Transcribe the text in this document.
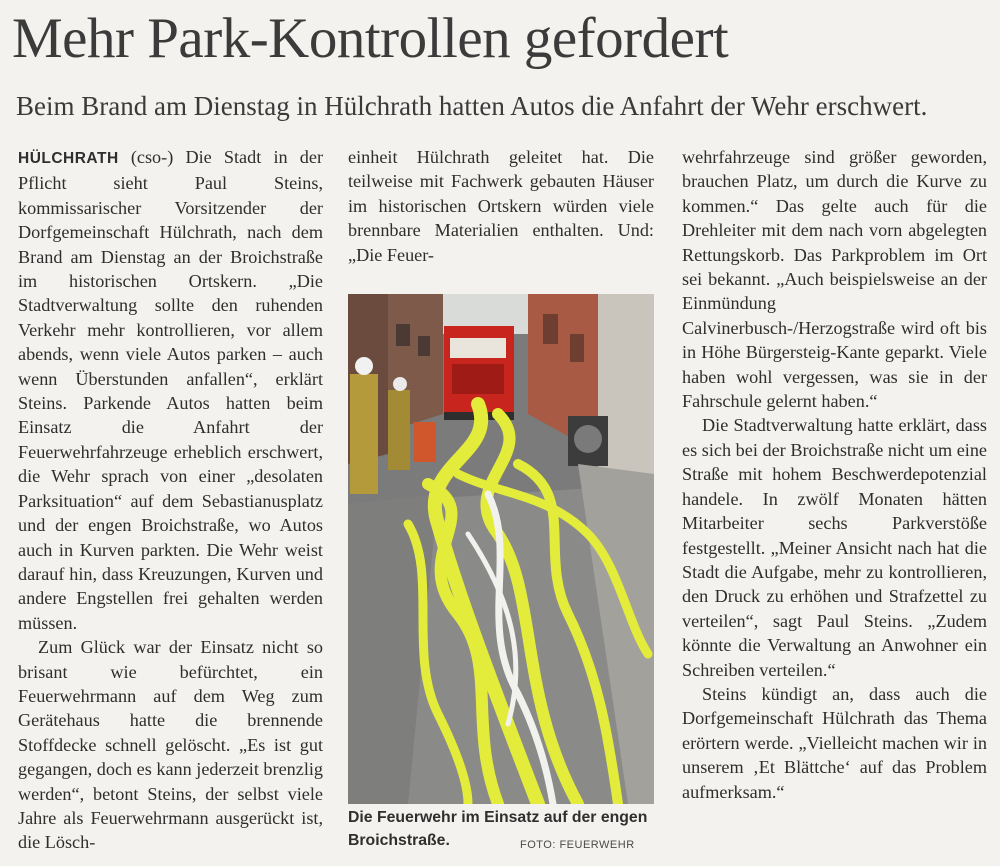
Mehr Park-Kontrollen gefordert
Beim Brand am Dienstag in Hülchrath hatten Autos die Anfahrt der Wehr erschwert.

HÜLCHRATH (cso-) Die Stadt in der Pflicht sieht Paul Steins, kommissarischer Vorsitzender der Dorfgemeinschaft Hülchrath, nach dem Brand am Dienstag an der Broichstraße im historischen Ortskern. „Die Stadtverwaltung sollte den ruhenden Verkehr mehr kontrollieren, vor allem abends, wenn viele Autos parken – auch wenn Überstunden anfallen“, erklärt Steins. Parkende Autos hatten beim Einsatz die Anfahrt der Feuerwehrfahrzeuge erheblich erschwert, die Wehr sprach von einer „desolaten Parksituation“ auf dem Sebastianusplatz und der engen Broichstraße, wo Autos auch in Kurven parkten. Die Wehr weist darauf hin, dass Kreuzungen, Kurven und andere Engstellen frei gehalten werden müssen.

Zum Glück war der Einsatz nicht so brisant wie befürchtet, ein Feuerwehrmann auf dem Weg zum Gerätehaus hatte die brennende Stoffdecke schnell gelöscht. „Es ist gut gegangen, doch es kann jederzeit brenzlig werden“, betont Steins, der selbst viele Jahre als Feuerwehrmann ausgerückt ist, die Lösch-

einheit Hülchrath geleitet hat. Die teilweise mit Fachwerk gebauten Häuser im historischen Ortskern würden viele brennbare Materialien enthalten. Und: „Die Feuer-

Die Feuerwehr im Einsatz auf der engen Broichstraße.	FOTO: FEUERWEHR

wehrfahrzeuge sind größer geworden, brauchen Platz, um durch die Kurve zu kommen.“ Das gelte auch für die Drehleiter mit dem nach vorn abgelegten Rettungskorb. Das Parkproblem im Ort sei bekannt. „Auch beispielsweise an der Einmündung Calvinerbusch-/Herzogstraße wird oft bis in Höhe Bürgersteig-Kante geparkt. Viele haben wohl vergessen, was sie in der Fahrschule gelernt haben.“

Die Stadtverwaltung hatte erklärt, dass es sich bei der Broichstraße nicht um eine Straße mit hohem Beschwerdepotenzial handele. In zwölf Monaten hätten Mitarbeiter sechs Parkverstöße festgestellt. „Meiner Ansicht nach hat die Stadt die Aufgabe, mehr zu kontrollieren, den Druck zu erhöhen und Strafzettel zu verteilen“, sagt Paul Steins. „Zudem könnte die Verwaltung an Anwohner ein Schreiben verteilen.“

Steins kündigt an, dass auch die Dorfgemeinschaft Hülchrath das Thema erörtern werde. „Vielleicht machen wir in unserem ‚Et Blättche‘ auf das Problem aufmerksam.“
